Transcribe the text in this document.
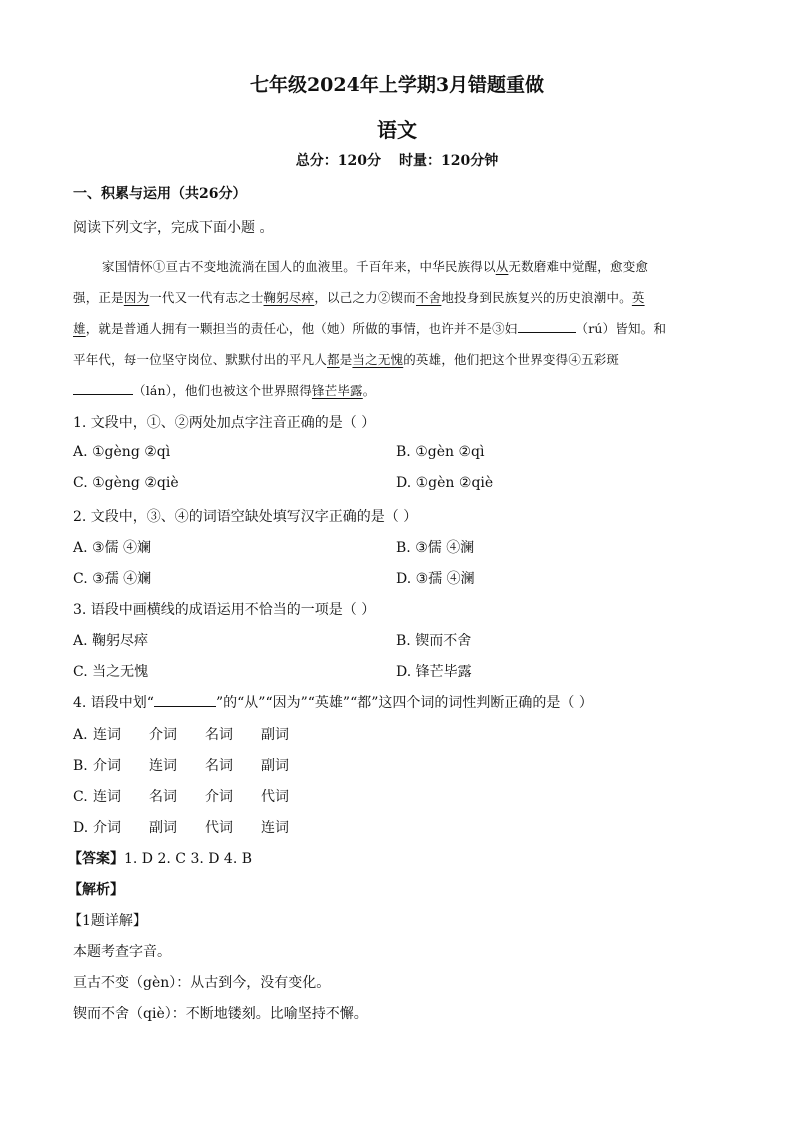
七年级2024年上学期3月错题重做
语文
总分：120分 时量：120分钟
一、积累与运用（共26分）
阅读下列文字，完成下面小题 。
家国情怀①亘古不变地流淌在国人的血液里。千百年来，中华民族得以从无数磨难中觉醒，愈变愈
强，正是因为一代又一代有志之士鞠躬尽瘁，以己之力②锲而不舍地投身到民族复兴的历史浪潮中。英
雄，就是普通人拥有一颗担当的责任心，他（她）所做的事情，也许并不是③妇	（rú）皆知。和
平年代，每一位坚守岗位、默默付出的平凡人都是当之无愧的英雄，他们把这个世界变得④五彩斑
（lán），他们也被这个世界照得锋芒毕露。
1. 文段中，①、②两处加点字注音正确的是（ ）
A. ①gèng ②qì	B. ①gèn ②qì
C. ①gèng ②qiè	D. ①gèn ②qiè
2. 文段中，③、④的词语空缺处填写汉字正确的是（ ）
A. ③儒 ④斓	B. ③儒 ④澜
C. ③孺 ④斓	D. ③孺 ④澜
3. 语段中画横线的成语运用不恰当的一项是（ ）
A. 鞠躬尽瘁	B. 锲而不舍
C. 当之无愧	D. 锋芒毕露
4. 语段中划“	”的“从”“因为”“英雄”“都”这四个词的词性判断正确的是（ ）
A. 连词 介词 名词 副词
B. 介词 连词 名词 副词
C. 连词 名词 介词 代词
D. 介词 副词 代词 连词
【答案】1. D 2. C 3. D 4. B
【解析】
【1题详解】
本题考查字音。
亘古不变（gèn）：从古到今，没有变化。
锲而不舍（qiè）：不断地镂刻。比喻坚持不懈。
